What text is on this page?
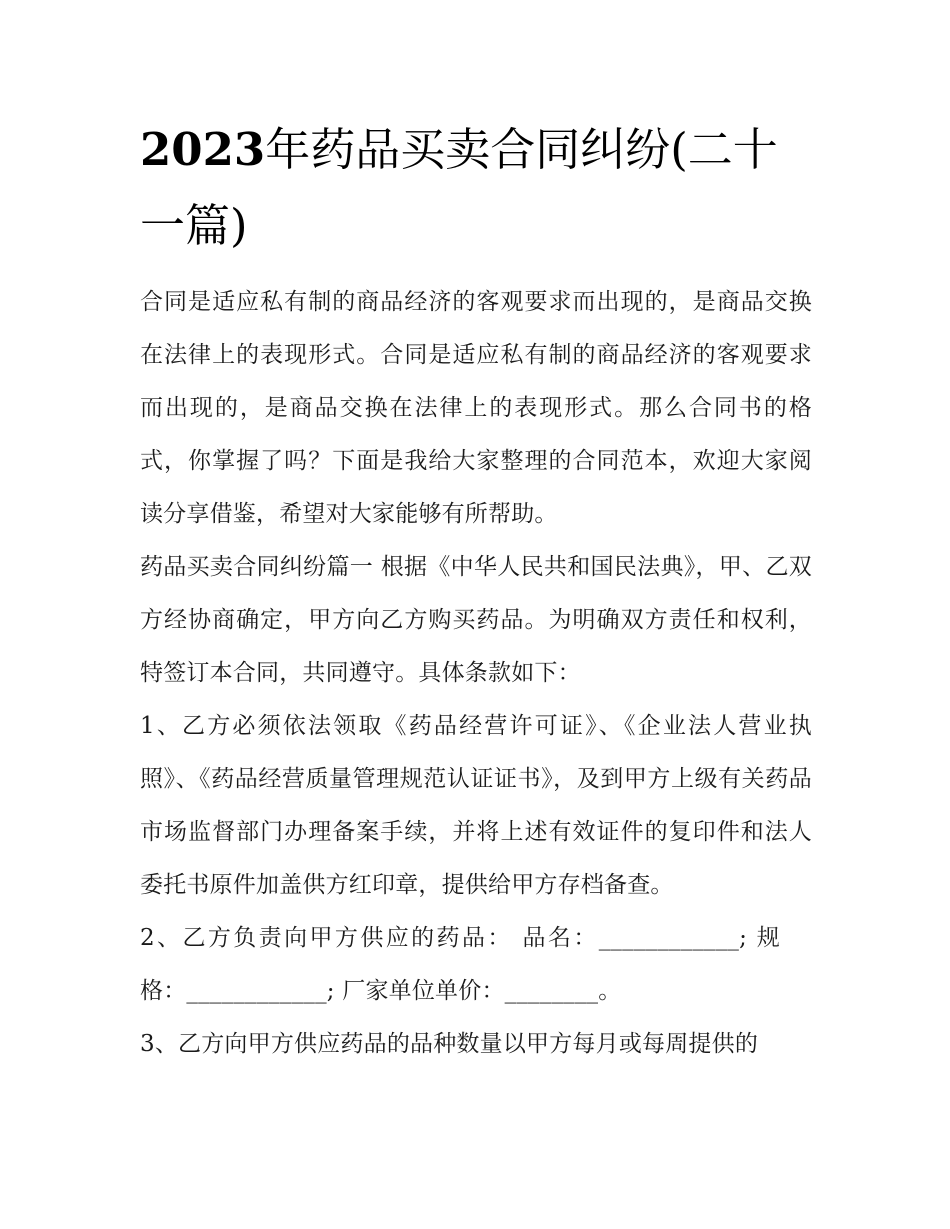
2023年药品买卖合同纠纷(二十一篇)

合同是适应私有制的商品经济的客观要求而出现的，是商品交换在法律上的表现形式。合同是适应私有制的商品经济的客观要求而出现的，是商品交换在法律上的表现形式。那么合同书的格式，你掌握了吗？下面是我给大家整理的合同范本，欢迎大家阅读分享借鉴，希望对大家能够有所帮助。

药品买卖合同纠纷篇一 根据《中华人民共和国民法典》，甲、乙双方经协商确定，甲方向乙方购买药品。为明确双方责任和权利，特签订本合同，共同遵守。具体条款如下：

1、乙方必须依法领取《药品经营许可证》、《企业法人营业执照》、《药品经营质量管理规范认证证书》，及到甲方上级有关药品市场监督部门办理备案手续，并将上述有效证件的复印件和法人委托书原件加盖供方红印章，提供给甲方存档备查。

2、乙方负责向甲方供应的药品： 品名：____________; 规格：____________; 厂家单位单价：________。

3、乙方向甲方供应药品的品种数量以甲方每月或每周提供的
